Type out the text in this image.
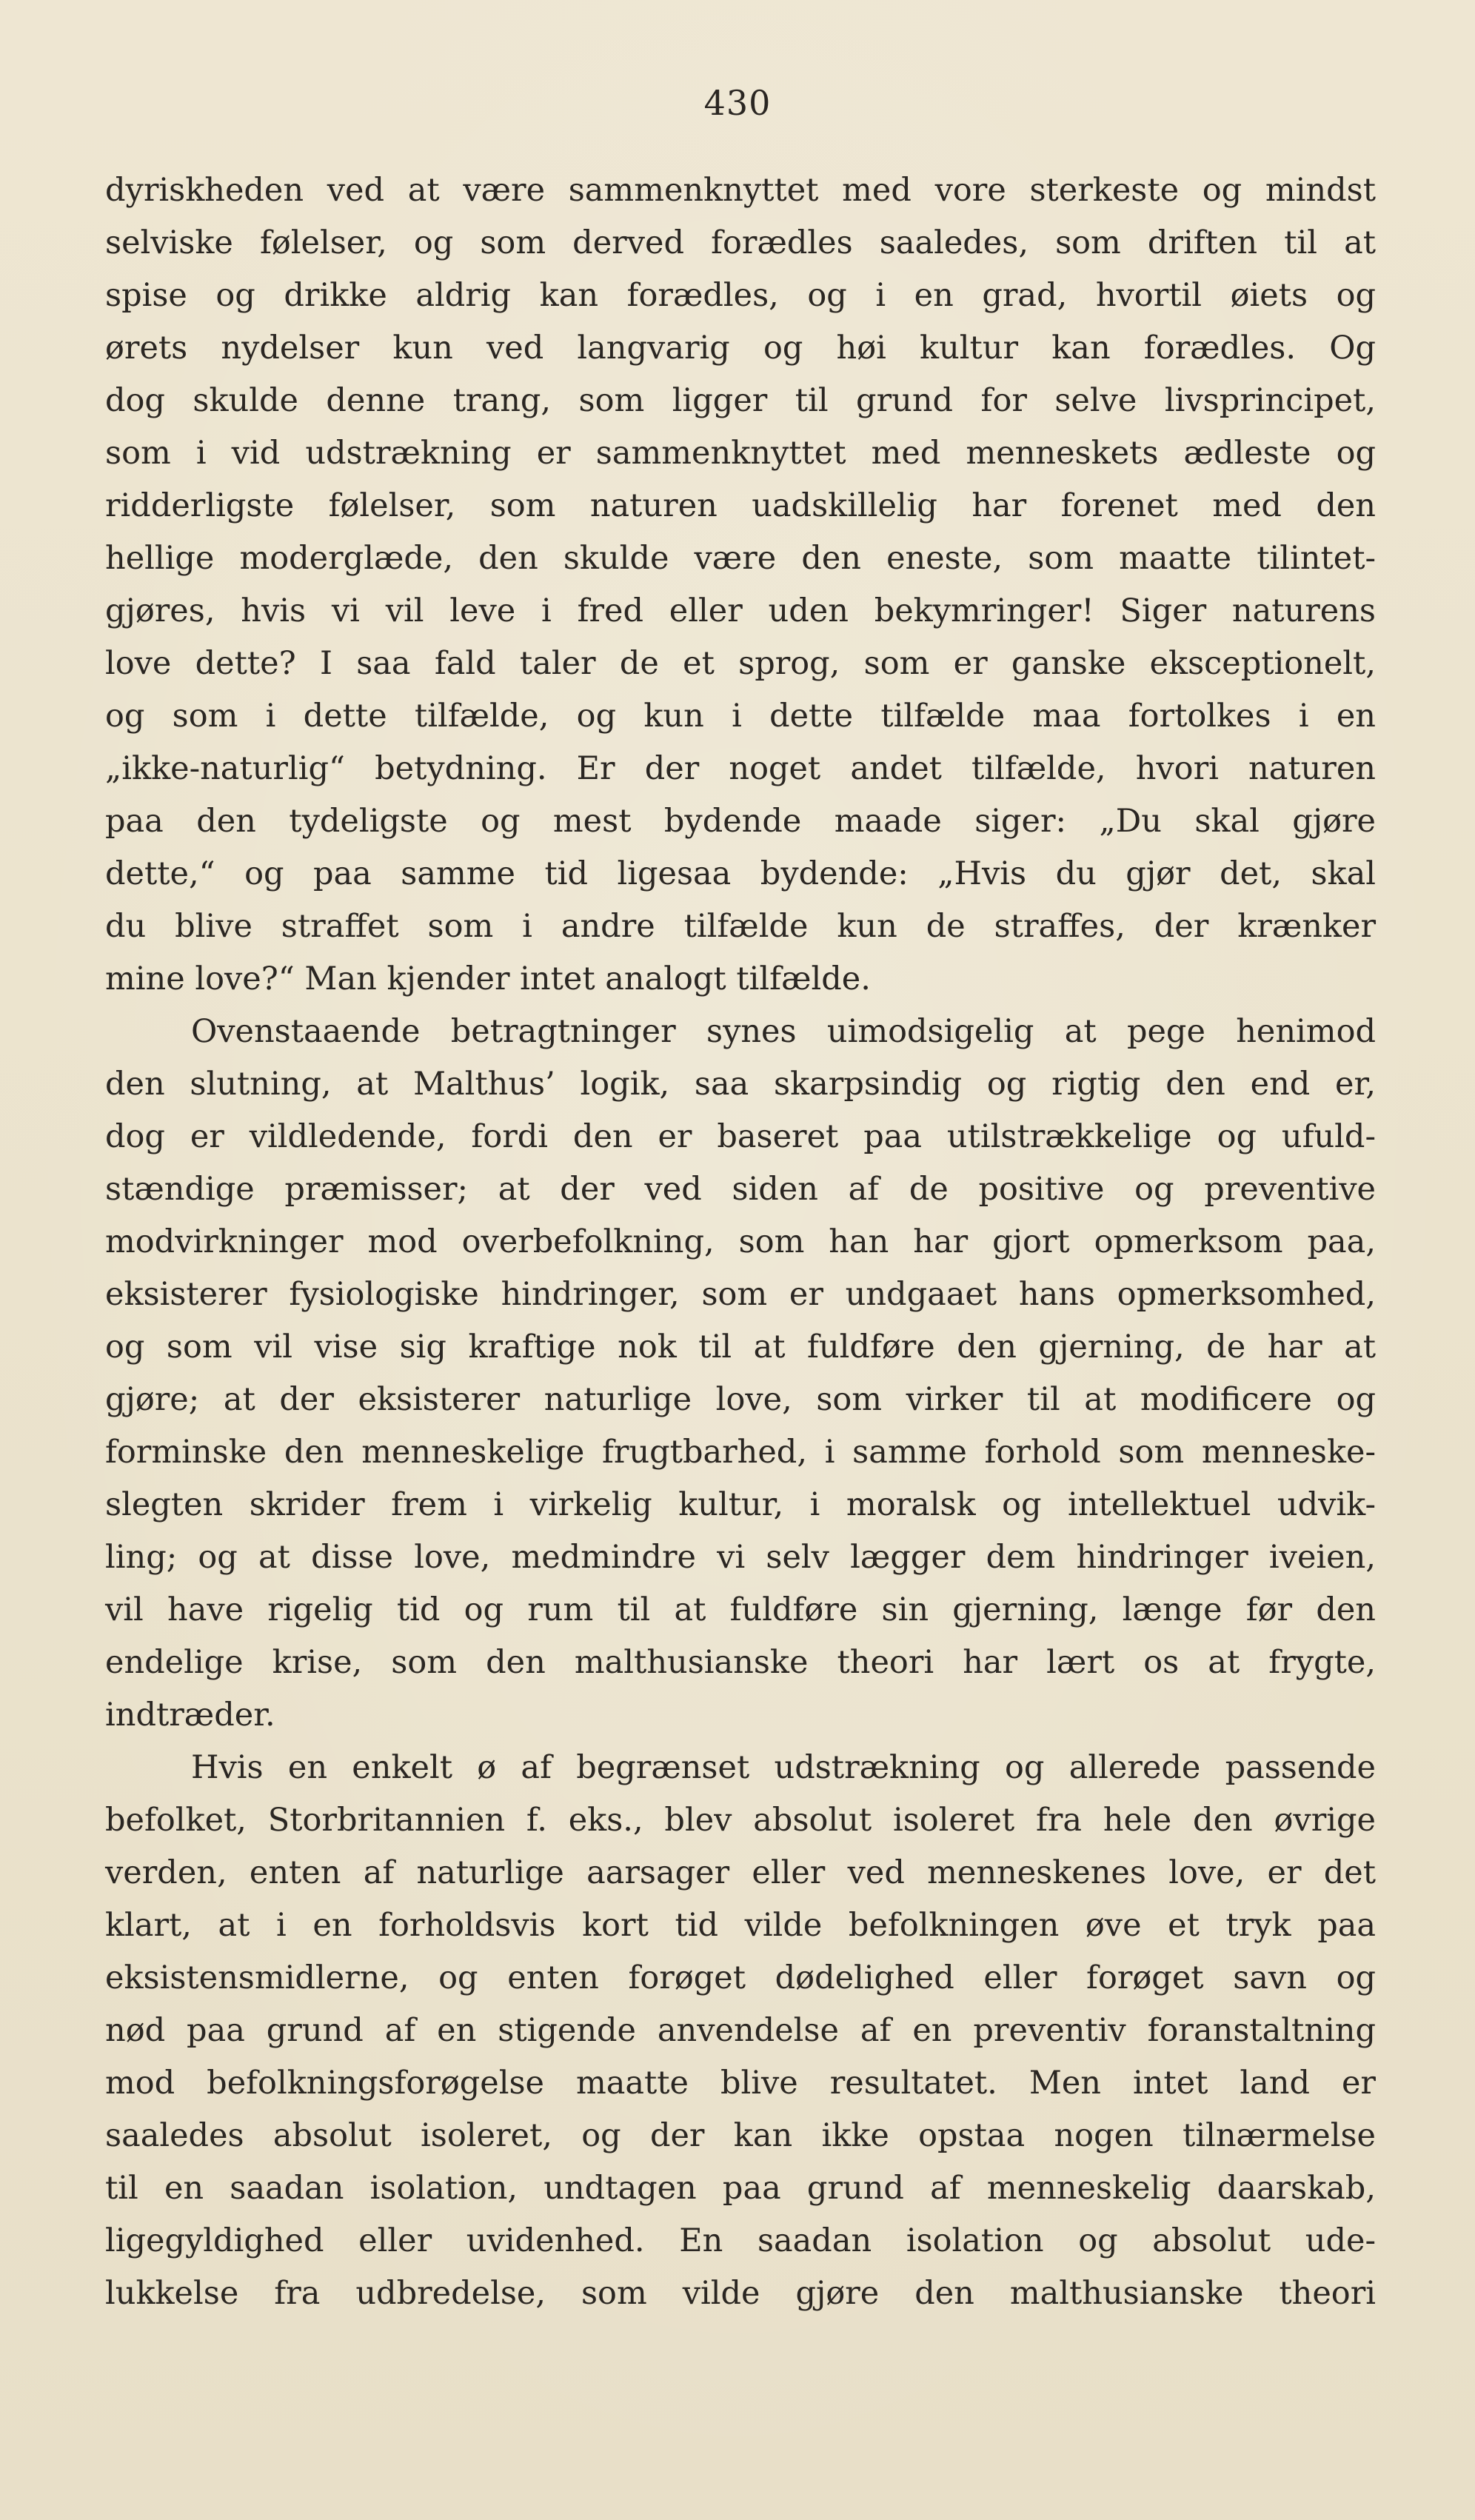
430
dyriskheden ved at være sammenknyttet med vore sterkeste og mindst
selviske følelser, og som derved forædles saaledes, som driften til at
spise og drikke aldrig kan forædles, og i en grad, hvortil øiets og
ørets nydelser kun ved langvarig og høi kultur kan forædles. Og
dog skulde denne trang, som ligger til grund for selve livsprincipet,
som i vid udstrækning er sammenknyttet med menneskets ædleste og
ridderligste følelser, som naturen uadskillelig har forenet med den
hellige moderglæde, den skulde være den eneste, som maatte tilintet-
gjøres, hvis vi vil leve i fred eller uden bekymringer! Siger naturens
love dette? I saa fald taler de et sprog, som er ganske eksceptionelt,
og som i dette tilfælde, og kun i dette tilfælde maa fortolkes i en
„ikke-naturlig“ betydning. Er der noget andet tilfælde, hvori naturen
paa den tydeligste og mest bydende maade siger: „Du skal gjøre
dette,“ og paa samme tid ligesaa bydende: „Hvis du gjør det, skal
du blive straffet som i andre tilfælde kun de straffes, der krænker
mine love?“ Man kjender intet analogt tilfælde.
Ovenstaaende betragtninger synes uimodsigelig at pege henimod
den slutning, at Malthus’ logik, saa skarpsindig og rigtig den end er,
dog er vildledende, fordi den er baseret paa utilstrækkelige og ufuld-
stændige præmisser; at der ved siden af de positive og preventive
modvirkninger mod overbefolkning, som han har gjort opmerksom paa,
eksisterer fysiologiske hindringer, som er undgaaet hans opmerksomhed,
og som vil vise sig kraftige nok til at fuldføre den gjerning, de har at
gjøre; at der eksisterer naturlige love, som virker til at modificere og
forminske den menneskelige frugtbarhed, i samme forhold som menneske-
slegten skrider frem i virkelig kultur, i moralsk og intellektuel udvik-
ling; og at disse love, medmindre vi selv lægger dem hindringer iveien,
vil have rigelig tid og rum til at fuldføre sin gjerning, længe før den
endelige krise, som den malthusianske theori har lært os at frygte,
indtræder.
Hvis en enkelt ø af begrænset udstrækning og allerede passende
befolket, Storbritannien f. eks., blev absolut isoleret fra hele den øvrige
verden, enten af naturlige aarsager eller ved menneskenes love, er det
klart, at i en forholdsvis kort tid vilde befolkningen øve et tryk paa
eksistensmidlerne, og enten forøget dødelighed eller forøget savn og
nød paa grund af en stigende anvendelse af en preventiv foranstaltning
mod befolkningsforøgelse maatte blive resultatet. Men intet land er
saaledes absolut isoleret, og der kan ikke opstaa nogen tilnærmelse
til en saadan isolation, undtagen paa grund af menneskelig daarskab,
ligegyldighed eller uvidenhed. En saadan isolation og absolut ude-
lukkelse fra udbredelse, som vilde gjøre den malthusianske theori
